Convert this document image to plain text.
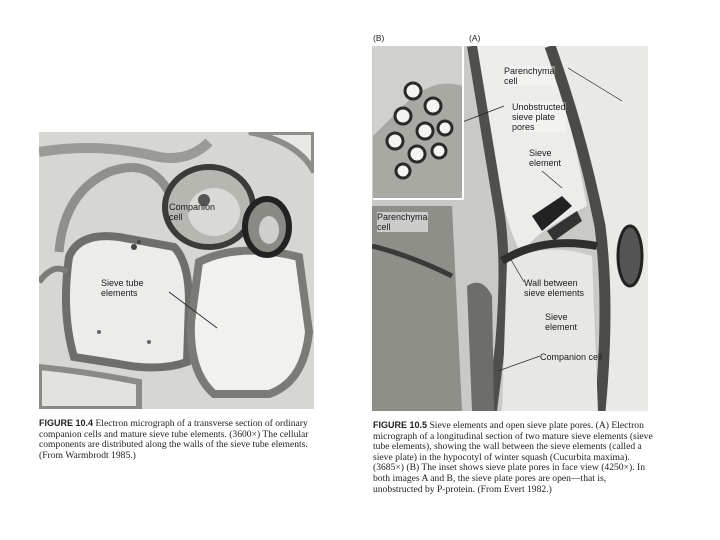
Companion
cell
Sieve tube
elements
FIGURE 10.4 Electron micrograph of a transverse section of ordinary companion cells and mature sieve tube elements. (3600×) The cellular components are distributed along the walls of the sieve tube elements. (From Warmbrodt 1985.)
(B)	(A)
Parenchyma
cell
Unobstructed
sieve plate
pores
Sieve
element
Wall between
sieve elements
Sieve
element
Companion cell
Parenchyma
cell
FIGURE 10.5 Sieve elements and open sieve plate pores. (A) Electron micrograph of a longitudinal section of two mature sieve elements (sieve tube elements), showing the wall between the sieve elements (called a sieve plate) in the hypocotyl of winter squash (Cucurbita maxima). (3685×) (B) The inset shows sieve plate pores in face view (4250×). In both images A and B, the sieve plate pores are open—that is, unobstructed by P-protein. (From Evert 1982.)
